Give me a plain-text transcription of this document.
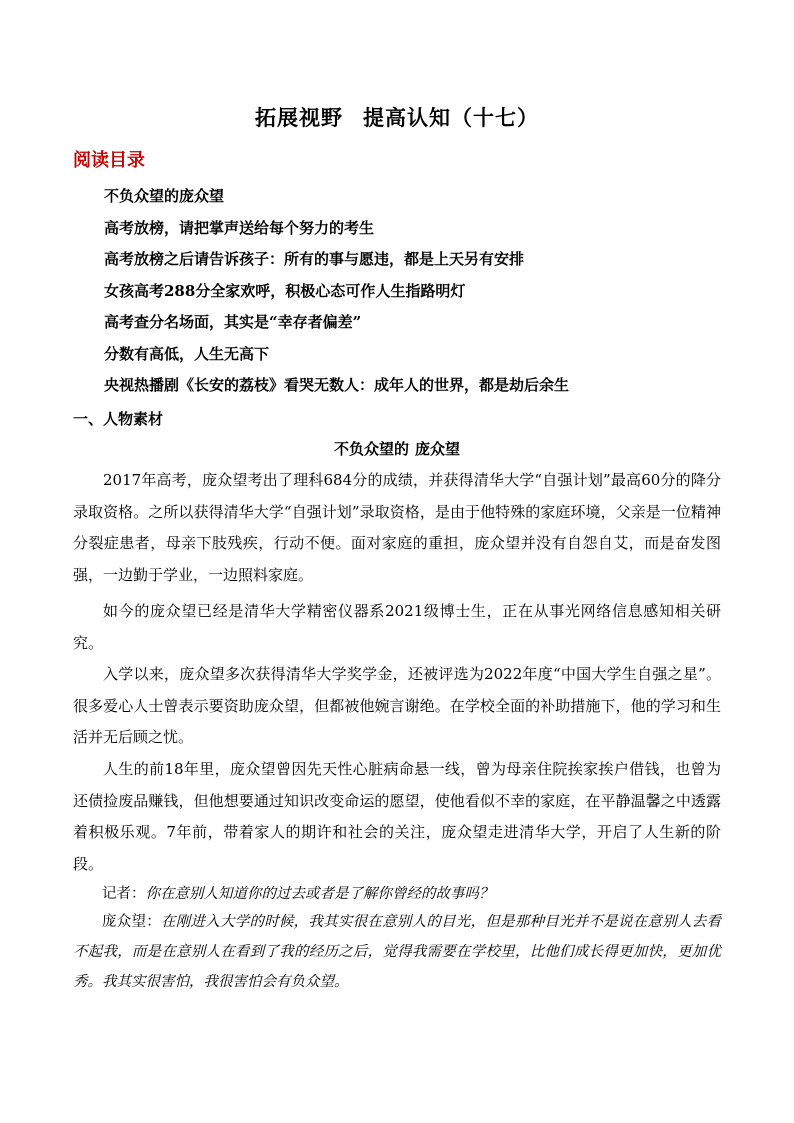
拓展视野 提高认知（十七）
阅读目录
不负众望的庞众望
高考放榜，请把掌声送给每个努力的考生
高考放榜之后请告诉孩子：所有的事与愿违，都是上天另有安排
女孩高考288分全家欢呼，积极心态可作人生指路明灯
高考查分名场面，其实是“幸存者偏差”
分数有高低，人生无高下
央视热播剧《长安的荔枝》看哭无数人：成年人的世界，都是劫后余生
一、人物素材
不负众望的 庞众望

2017年高考，庞众望考出了理科684分的成绩，并获得清华大学“自强计划”最高60分的降分录取资格。之所以获得清华大学“自强计划”录取资格，是由于他特殊的家庭环境，父亲是一位精神分裂症患者，母亲下肢残疾，行动不便。面对家庭的重担，庞众望并没有自怨自艾，而是奋发图强，一边勤于学业，一边照料家庭。

如今的庞众望已经是清华大学精密仪器系2021级博士生，正在从事光网络信息感知相关研究。

入学以来，庞众望多次获得清华大学奖学金，还被评选为2022年度“中国大学生自强之星”。很多爱心人士曾表示要资助庞众望，但都被他婉言谢绝。在学校全面的补助措施下，他的学习和生活并无后顾之忧。

人生的前18年里，庞众望曾因先天性心脏病命悬一线，曾为母亲住院挨家挨户借钱，也曾为还债捡废品赚钱，但他想要通过知识改变命运的愿望，使他看似不幸的家庭，在平静温馨之中透露着积极乐观。7年前，带着家人的期许和社会的关注，庞众望走进清华大学，开启了人生新的阶段。

记者：你在意别人知道你的过去或者是了解你曾经的故事吗？

庞众望：在刚进入大学的时候，我其实很在意别人的目光，但是那种目光并不是说在意别人去看不起我，而是在意别人在看到了我的经历之后，觉得我需要在学校里，比他们成长得更加快，更加优秀。我其实很害怕，我很害怕会有负众望。
